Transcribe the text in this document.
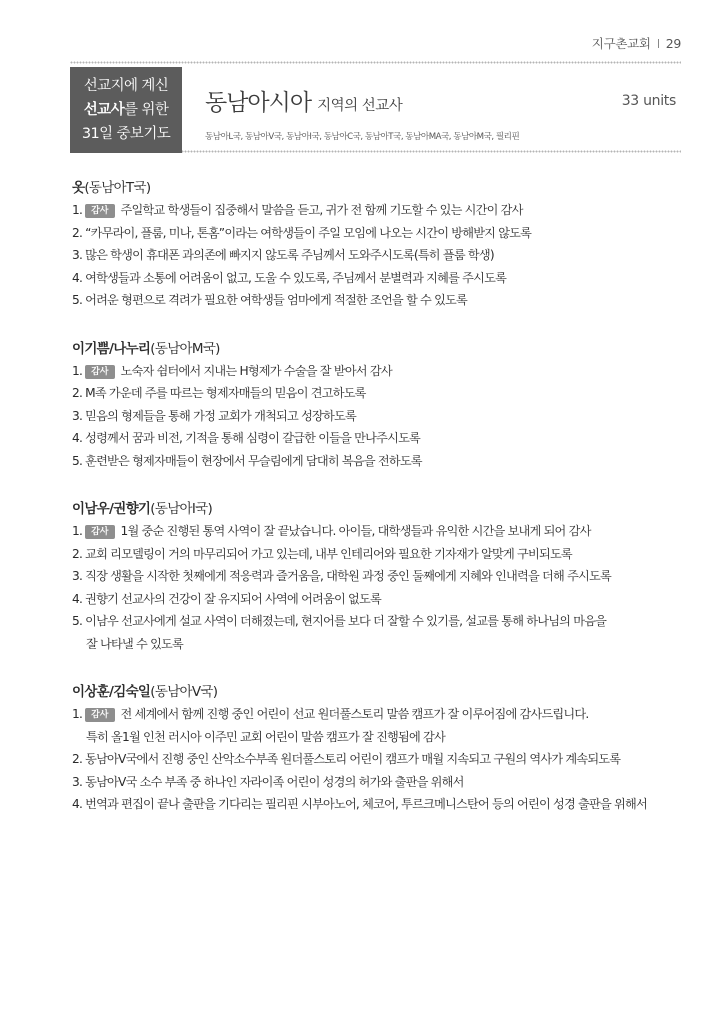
지구촌교회 29
선교지에 계신
선교사를 위한
31일 중보기도
동남아시아 지역의 선교사	33 units
동남아L국, 동남아V국, 동남아I국, 동남아C국, 동남아T국, 동남아MA국, 동남아M국, 필리핀
옷(동남아T국)
1. 감사 주일학교 학생들이 집중해서 말씀을 듣고, 귀가 전 함께 기도할 수 있는 시간이 감사
2. “카무라이, 플룸, 미나, 톤홈”이라는 여학생들이 주일 모임에 나오는 시간이 방해받지 않도록
3. 많은 학생이 휴대폰 과의존에 빠지지 않도록 주님께서 도와주시도록(특히 플룸 학생)
4. 여학생들과 소통에 어려움이 없고, 도울 수 있도록, 주님께서 분별력과 지혜를 주시도록
5. 어려운 형편으로 격려가 필요한 여학생들 엄마에게 적절한 조언을 할 수 있도록
이기쁨/나누리(동남아M국)
1. 감사 노숙자 쉼터에서 지내는 H형제가 수술을 잘 받아서 감사
2. M족 가운데 주를 따르는 형제자매들의 믿음이 견고하도록
3. 믿음의 형제들을 통해 가정 교회가 개척되고 성장하도록
4. 성령께서 꿈과 비전, 기적을 통해 심령이 갈급한 이들을 만나주시도록
5. 훈련받은 형제자매들이 현장에서 무슬림에게 담대히 복음을 전하도록
이남우/권향기(동남아I국)
1. 감사 1월 중순 진행된 통역 사역이 잘 끝났습니다. 아이들, 대학생들과 유익한 시간을 보내게 되어 감사
2. 교회 리모델링이 거의 마무리되어 가고 있는데, 내부 인테리어와 필요한 기자재가 알맞게 구비되도록
3. 직장 생활을 시작한 첫째에게 적응력과 즐거움을, 대학원 과정 중인 둘째에게 지혜와 인내력을 더해 주시도록
4. 권향기 선교사의 건강이 잘 유지되어 사역에 어려움이 없도록
5. 이남우 선교사에게 설교 사역이 더해졌는데, 현지어를 보다 더 잘할 수 있기를, 설교를 통해 하나님의 마음을
잘 나타낼 수 있도록
이상훈/김숙일(동남아V국)
1. 감사 전 세계에서 함께 진행 중인 어린이 선교 원더풀스토리 말씀 캠프가 잘 이루어짐에 감사드립니다.
특히 올1월 인천 러시아 이주민 교회 어린이 말씀 캠프가 잘 진행됨에 감사
2. 동남아V국에서 진행 중인 산악소수부족 원더풀스토리 어린이 캠프가 매월 지속되고 구원의 역사가 계속되도록
3. 동남아V국 소수 부족 중 하나인 자라이족 어린이 성경의 허가와 출판을 위해서
4. 번역과 편집이 끝나 출판을 기다리는 필리핀 시부아노어, 체코어, 투르크메니스탄어 등의 어린이 성경 출판을 위해서
